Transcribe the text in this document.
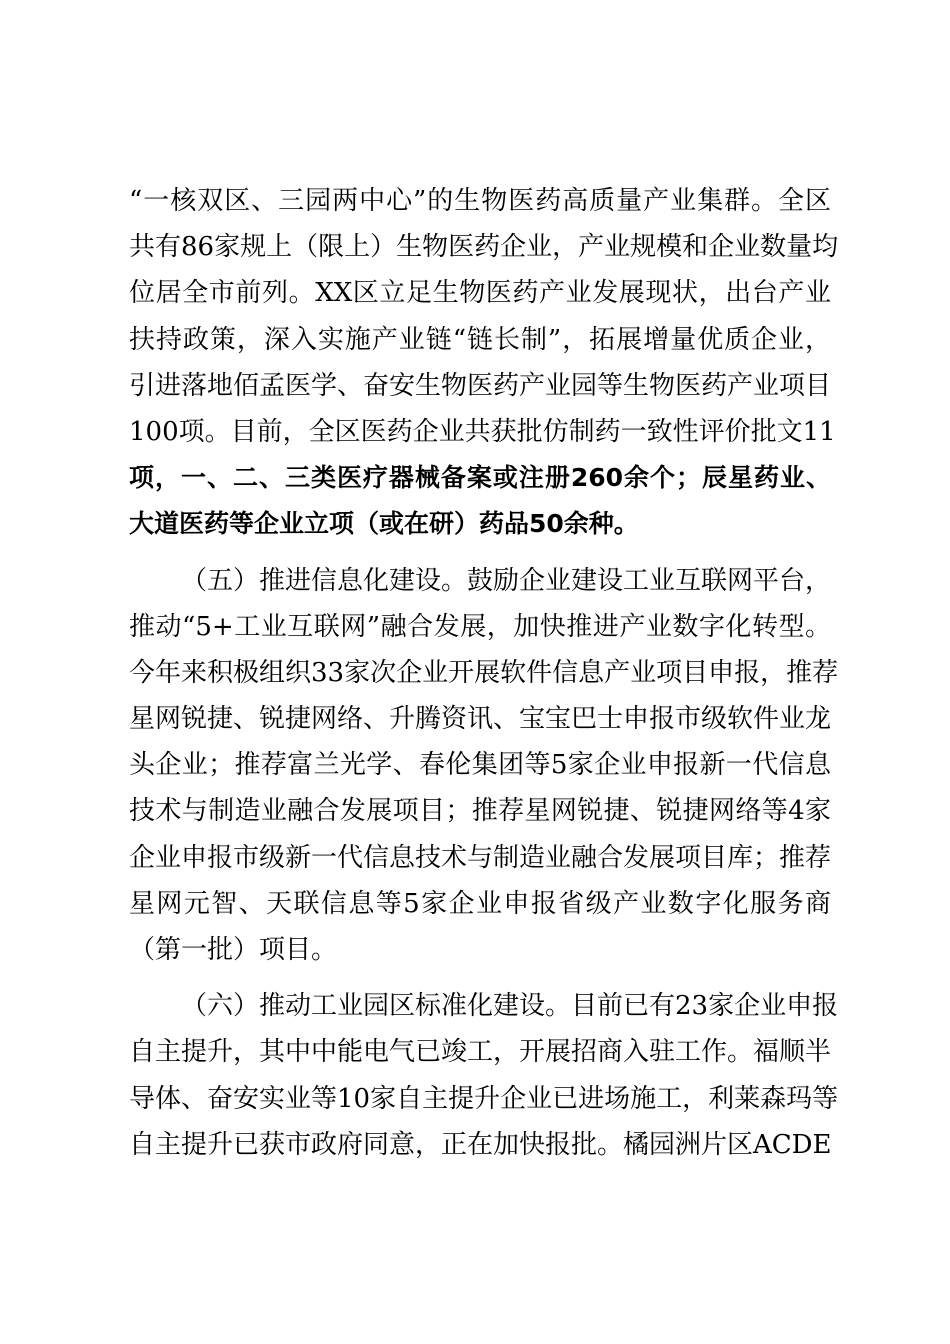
“一核双区、三园两中心”的生物医药高质量产业集群。全区
共有86家规上（限上）生物医药企业，产业规模和企业数量均
位居全市前列。XX区立足生物医药产业发展现状，出台产业
扶持政策，深入实施产业链“链长制”，拓展增量优质企业，
引进落地佰孟医学、奋安生物医药产业园等生物医药产业项目
100项。目前，全区医药企业共获批仿制药一致性评价批文11
项，一、二、三类医疗器械备案或注册260余个；辰星药业、
大道医药等企业立项（或在研）药品50余种。
（五）推进信息化建设。鼓励企业建设工业互联网平台，
推动“5+工业互联网”融合发展，加快推进产业数字化转型。
今年来积极组织33家次企业开展软件信息产业项目申报，推荐
星网锐捷、锐捷网络、升腾资讯、宝宝巴士申报市级软件业龙
头企业；推荐富兰光学、春伦集团等5家企业申报新一代信息
技术与制造业融合发展项目；推荐星网锐捷、锐捷网络等4家
企业申报市级新一代信息技术与制造业融合发展项目库；推荐
星网元智、天联信息等5家企业申报省级产业数字化服务商
（第一批）项目。
（六）推动工业园区标准化建设。目前已有23家企业申报
自主提升，其中中能电气已竣工，开展招商入驻工作。福顺半
导体、奋安实业等10家自主提升企业已进场施工，利莱森玛等
自主提升已获市政府同意，正在加快报批。橘园洲片区ACDE
